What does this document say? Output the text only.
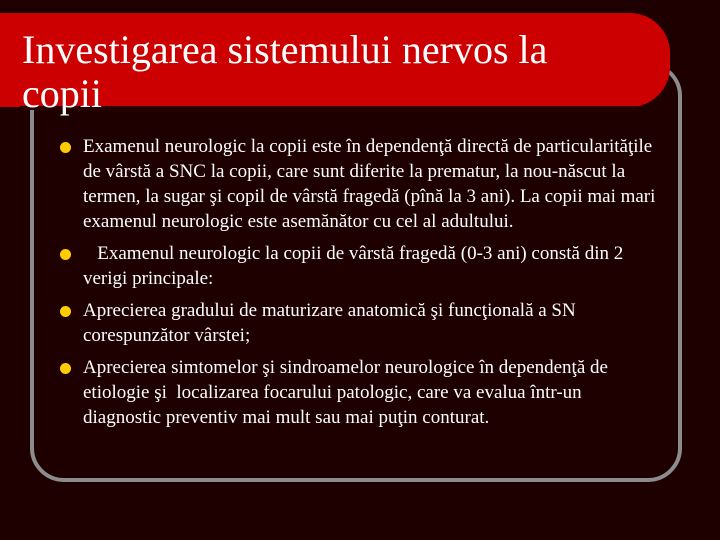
Investigarea sistemului nervos la copii
Examenul neurologic la copii este în dependenţă directă de particularităţile de vârstă a SNC la copii, care sunt diferite la prematur, la nou-născut la termen, la sugar şi copil de vârstă fragedă (pînă la 3 ani). La copii mai mari examenul neurologic este asemănător cu cel al adultului.
Examenul neurologic la copii de vârstă fragedă (0-3 ani) constă din 2 verigi principale:
Aprecierea gradului de maturizare anatomică şi funcţională a SN corespunzător vârstei;
Aprecierea simtomelor şi sindroamelor neurologice în dependenţă de etiologie şi  localizarea focarului patologic, care va evalua într-un diagnostic preventiv mai mult sau mai puţin conturat.
